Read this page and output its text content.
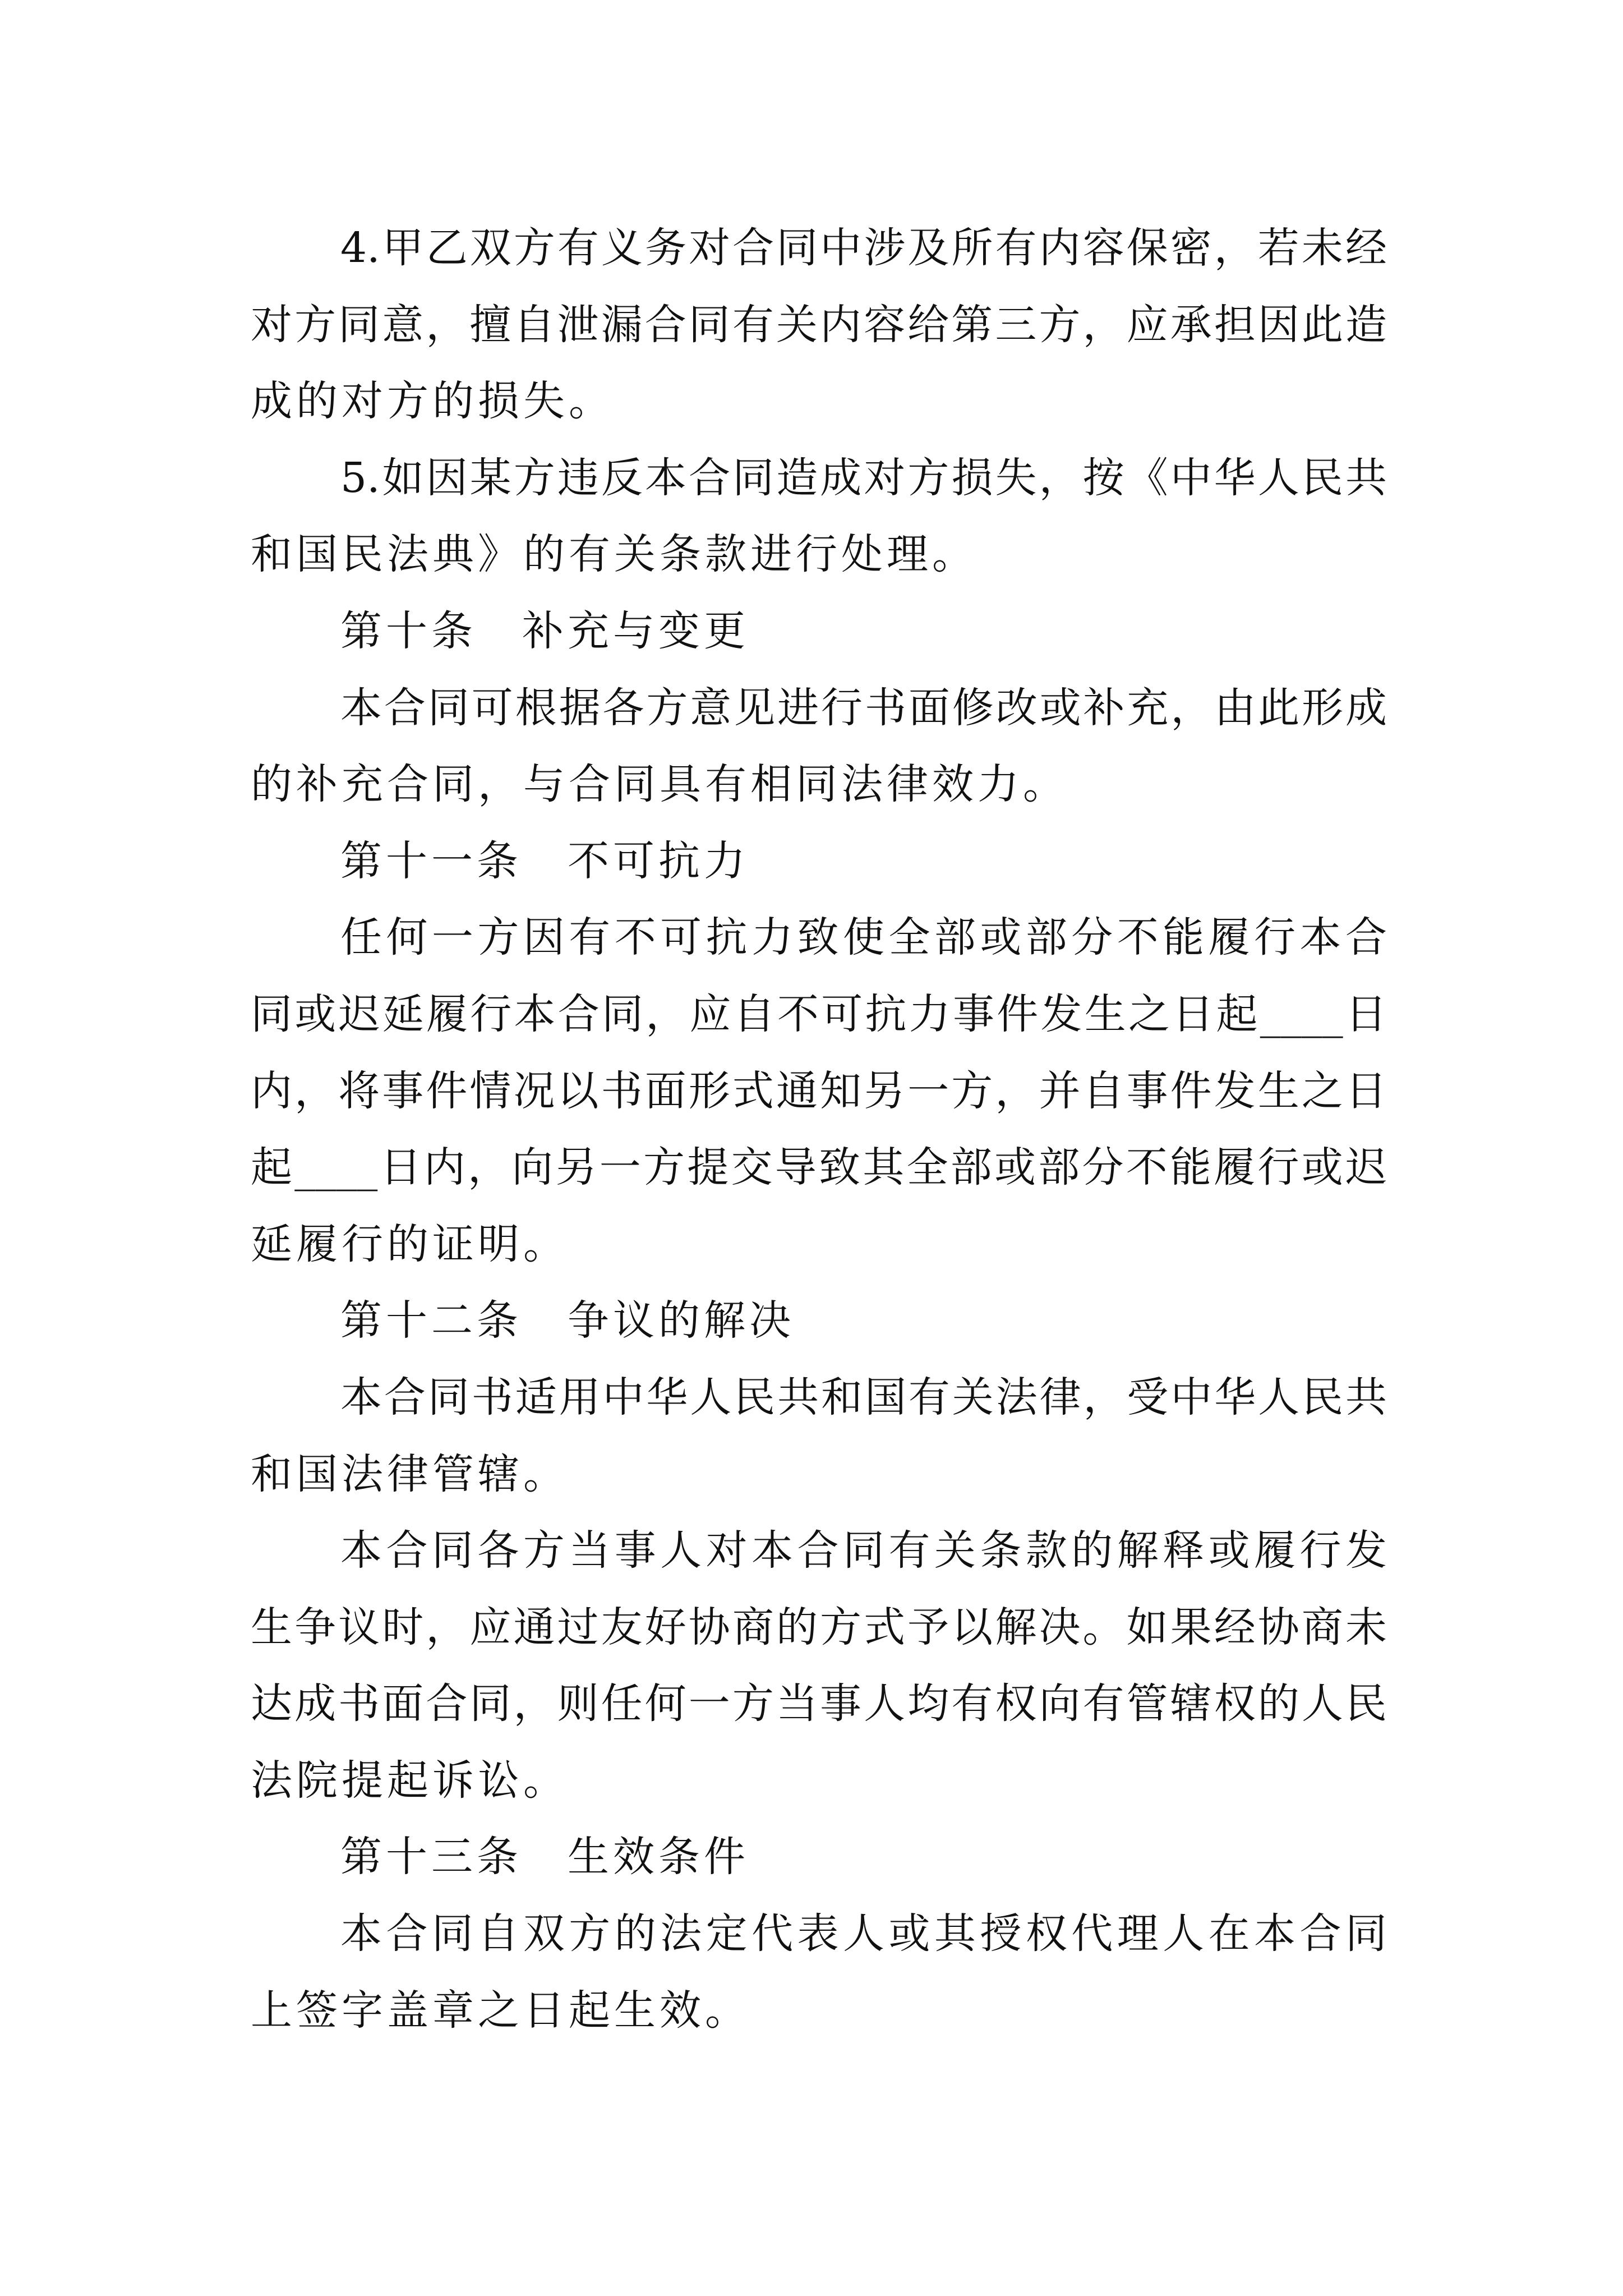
4.甲乙双方有义务对合同中涉及所有内容保密，若未经
对方同意，擅自泄漏合同有关内容给第三方，应承担因此造
成的对方的损失。
5.如因某方违反本合同造成对方损失，按《中华人民共
和国民法典》的有关条款进行处理。
第十条　补充与变更
本合同可根据各方意见进行书面修改或补充，由此形成
的补充合同，与合同具有相同法律效力。
第十一条　不可抗力
任何一方因有不可抗力致使全部或部分不能履行本合
同或迟延履行本合同，应自不可抗力事件发生之日起____日
内，将事件情况以书面形式通知另一方，并自事件发生之日
起____日内，向另一方提交导致其全部或部分不能履行或迟
延履行的证明。
第十二条　争议的解决
本合同书适用中华人民共和国有关法律，受中华人民共
和国法律管辖。
本合同各方当事人对本合同有关条款的解释或履行发
生争议时，应通过友好协商的方式予以解决。如果经协商未
达成书面合同，则任何一方当事人均有权向有管辖权的人民
法院提起诉讼。
第十三条　生效条件
本合同自双方的法定代表人或其授权代理人在本合同
上签字盖章之日起生效。
